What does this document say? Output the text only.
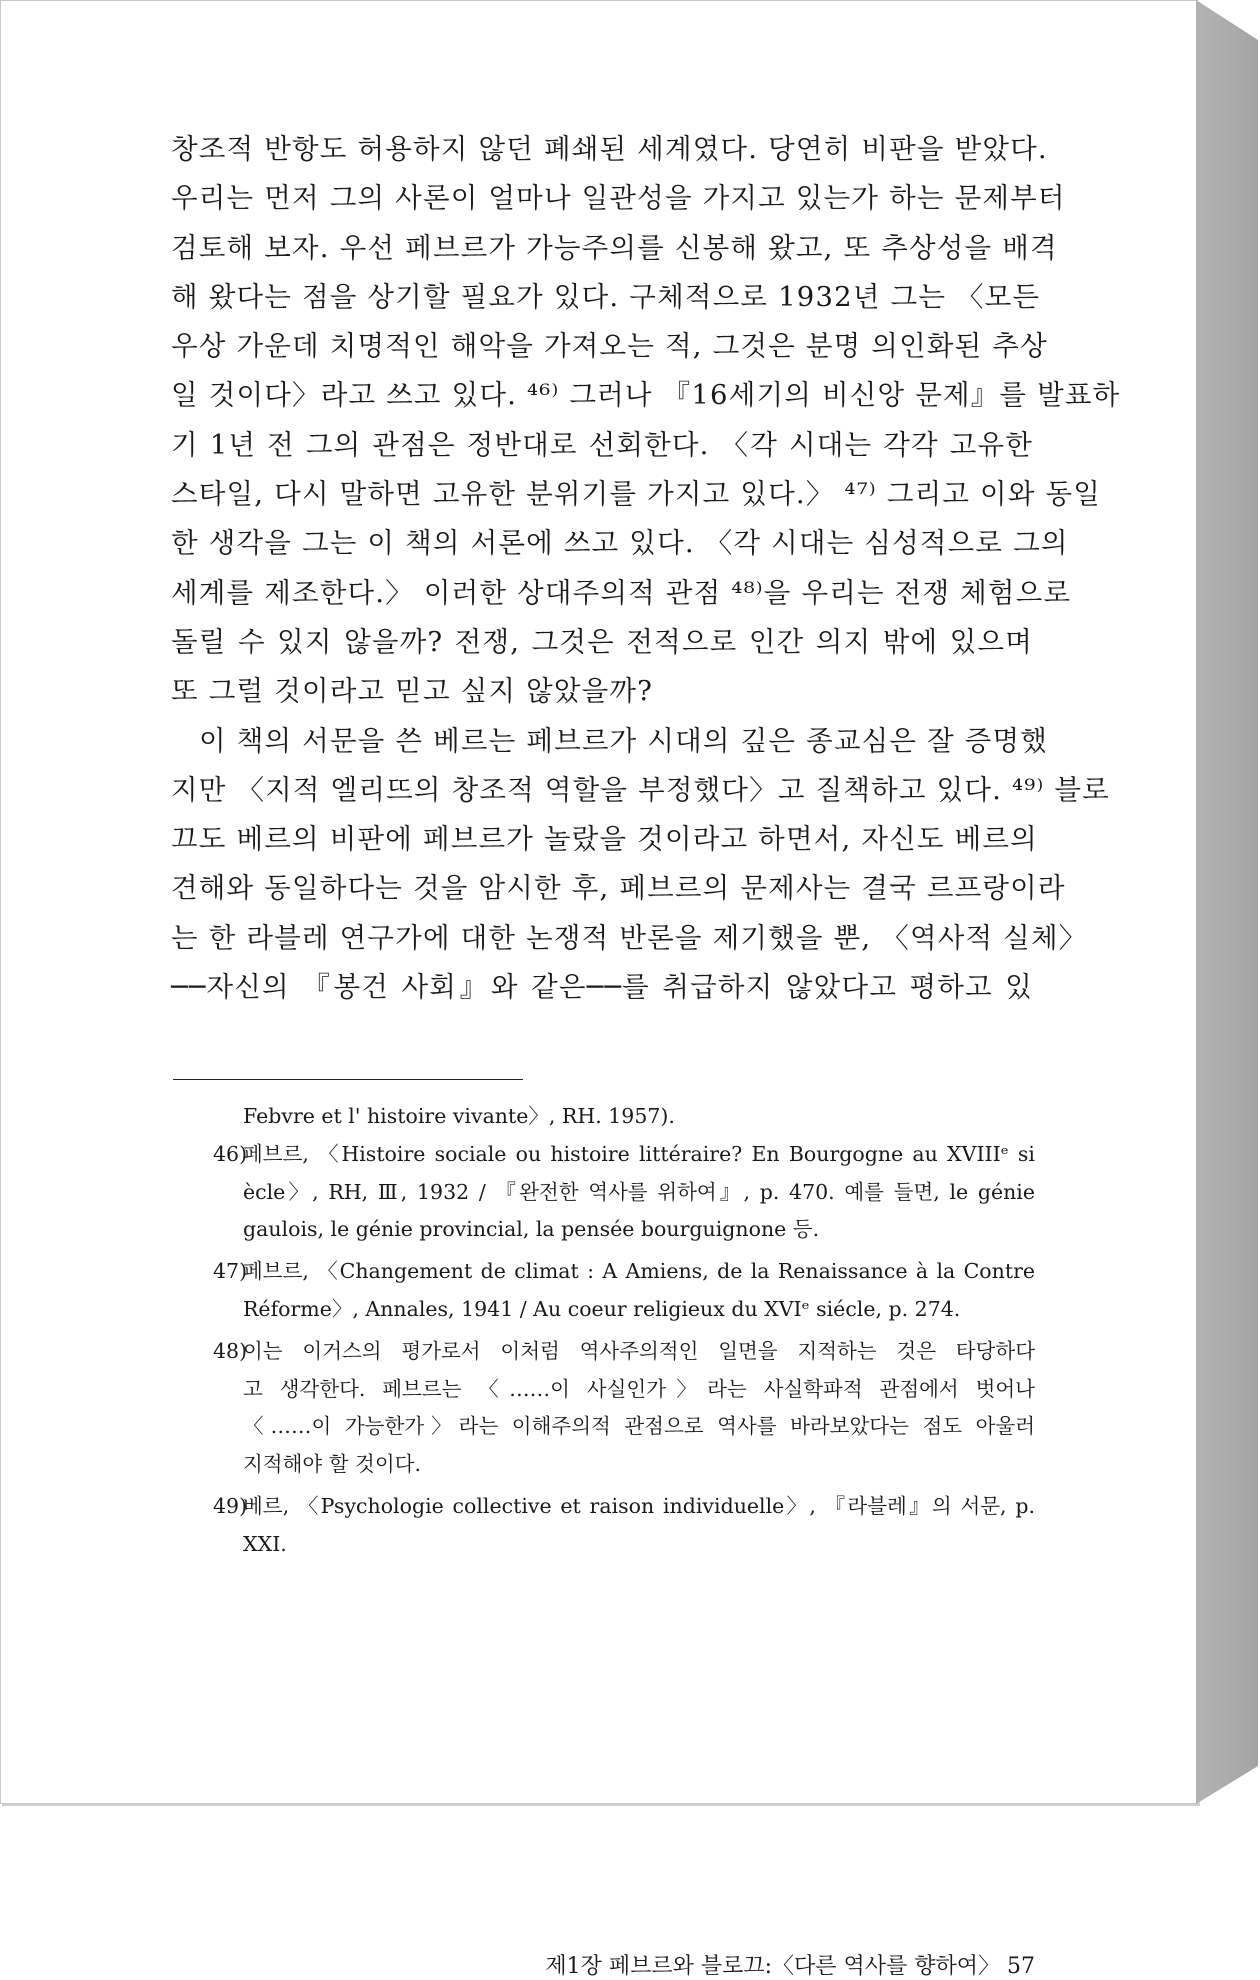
창조적 반항도 허용하지 않던 폐쇄된 세계였다. 당연히 비판을 받았다.
우리는 먼저 그의 사론이 얼마나 일관성을 가지고 있는가 하는 문제부터
검토해 보자. 우선 페브르가 가능주의를 신봉해 왔고, 또 추상성을 배격
해 왔다는 점을 상기할 필요가 있다. 구체적으로 1932년 그는 〈모든
우상 가운데 치명적인 해악을 가져오는 적, 그것은 분명 의인화된 추상
일 것이다〉라고 쓰고 있다. ⁴⁶⁾ 그러나 『16세기의 비신앙 문제』를 발표하
기 1년 전 그의 관점은 정반대로 선회한다. 〈각 시대는 각각 고유한
스타일, 다시 말하면 고유한 분위기를 가지고 있다.〉 ⁴⁷⁾ 그리고 이와 동일
한 생각을 그는 이 책의 서론에 쓰고 있다. 〈각 시대는 심성적으로 그의
세계를 제조한다.〉 이러한 상대주의적 관점 ⁴⁸⁾을 우리는 전쟁 체험으로
돌릴 수 있지 않을까? 전쟁, 그것은 전적으로 인간 의지 밖에 있으며
또 그럴 것이라고 믿고 싶지 않았을까?
이 책의 서문을 쓴 베르는 페브르가 시대의 깊은 종교심은 잘 증명했
지만 〈지적 엘리뜨의 창조적 역할을 부정했다〉고 질책하고 있다. ⁴⁹⁾ 블로
끄도 베르의 비판에 페브르가 놀랐을 것이라고 하면서, 자신도 베르의
견해와 동일하다는 것을 암시한 후, 페브르의 문제사는 결국 르프랑이라
는 한 라블레 연구가에 대한 논쟁적 반론을 제기했을 뿐, 〈역사적 실체〉
──자신의 『봉건 사회』와 같은──를 취급하지 않았다고 평하고 있
Febvre et l' histoire vivante〉, RH. 1957).
46)
페브르, 〈Histoire sociale ou histoire littéraire? En Bourgogne au XVIIIᵉ si
ècle〉, RH, Ⅲ, 1932 / 『완전한 역사를 위하여』, p. 470. 예를 들면, le génie
gaulois, le génie provincial, la pensée bourguignone 등.
47)
페브르, 〈Changement de climat : A Amiens, de la Renaissance à la Contre
Réforme〉, Annales, 1941 / Au coeur religieux du XVIᵉ siécle, p. 274.
48)
이는 이거스의 평가로서 이처럼 역사주의적인 일면을 지적하는 것은 타당하다
고 생각한다. 페브르는 〈……이 사실인가〉라는 사실학파적 관점에서 벗어나
〈……이 가능한가〉라는 이해주의적 관점으로 역사를 바라보았다는 점도 아울러
지적해야 할 것이다.
49)
베르, 〈Psychologie collective et raison individuelle〉, 『라블레』의 서문, p.
XXI.
제1장 페브르와 블로끄:〈다른 역사를 향하여〉 57
